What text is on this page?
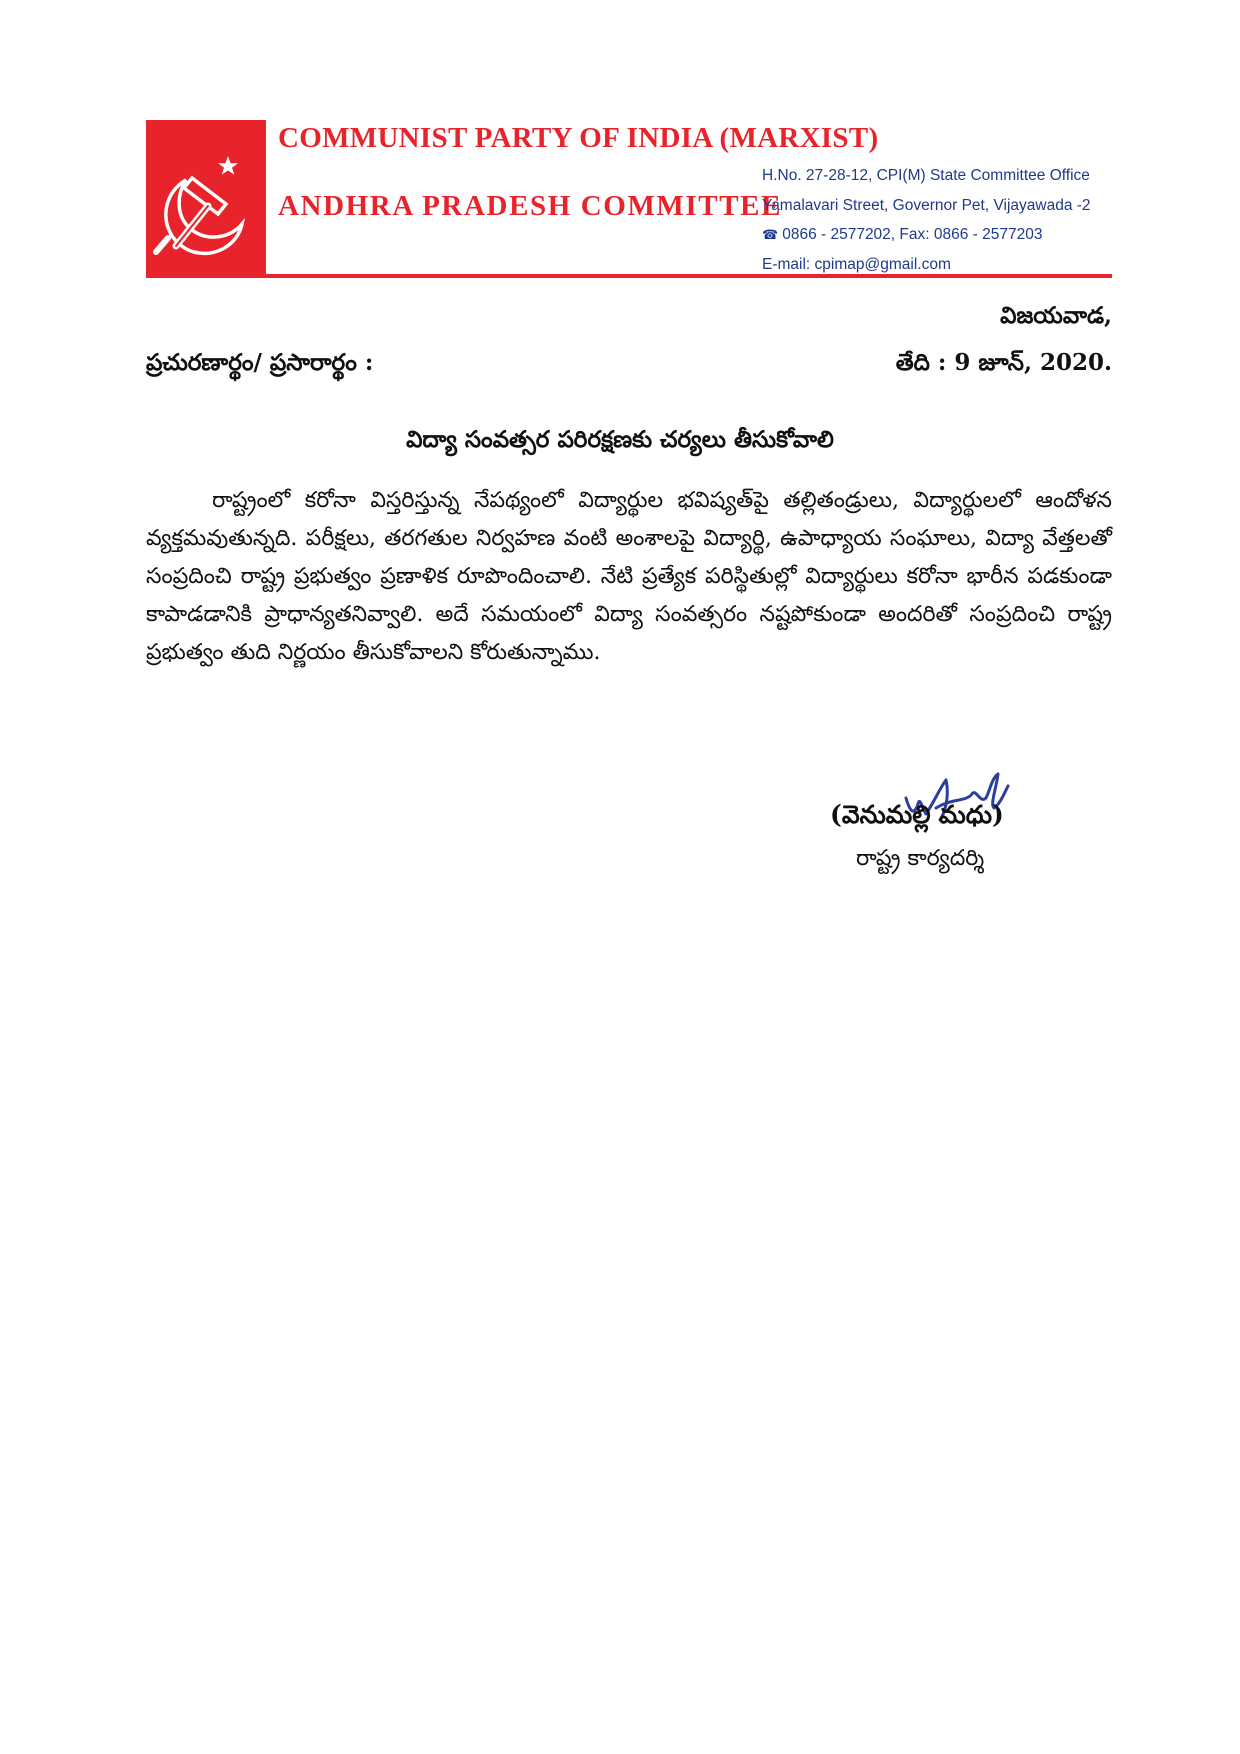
COMMUNIST PARTY OF INDIA (MARXIST)
ANDHRA PRADESH COMMITTEE
H.No. 27-28-12, CPI(M) State Committee Office
Yamalavari Street, Governor Pet, Vijayawada -2
☎ 0866 - 2577202, Fax: 0866 - 2577203
E-mail: cpimap@gmail.com
విజయవాడ,
ప్రచురణార్థం/ ప్రసారార్థం :	తేది : 9 జూన్, 2020.
విద్యా సంవత్సర పరిరక్షణకు చర్యలు తీసుకోవాలి

రాష్ట్రంలో కరోనా విస్తరిస్తున్న నేపథ్యంలో విద్యార్థుల భవిష్యత్‌పై తల్లితండ్రులు, విద్యార్థులలో ఆందోళన వ్యక్తమవుతున్నది. పరీక్షలు, తరగతుల నిర్వహణ వంటి అంశాలపై విద్యార్థి, ఉపాధ్యాయ సంఘాలు, విద్యా వేత్తలతో సంప్రదించి రాష్ట్ర ప్రభుత్వం ప్రణాళిక రూపొందించాలి. నేటి ప్రత్యేక పరిస్థితుల్లో విద్యార్థులు కరోనా భారీన పడకుండా కాపాడడానికి ప్రాధాన్యతనివ్వాలి. అదే సమయంలో విద్యా సంవత్సరం నష్టపోకుండా అందరితో సంప్రదించి రాష్ట్ర ప్రభుత్వం తుది నిర్ణయం తీసుకోవాలని కోరుతున్నాము.

(వెనుమల్లి మధు)
రాష్ట్ర కార్యదర్శి
